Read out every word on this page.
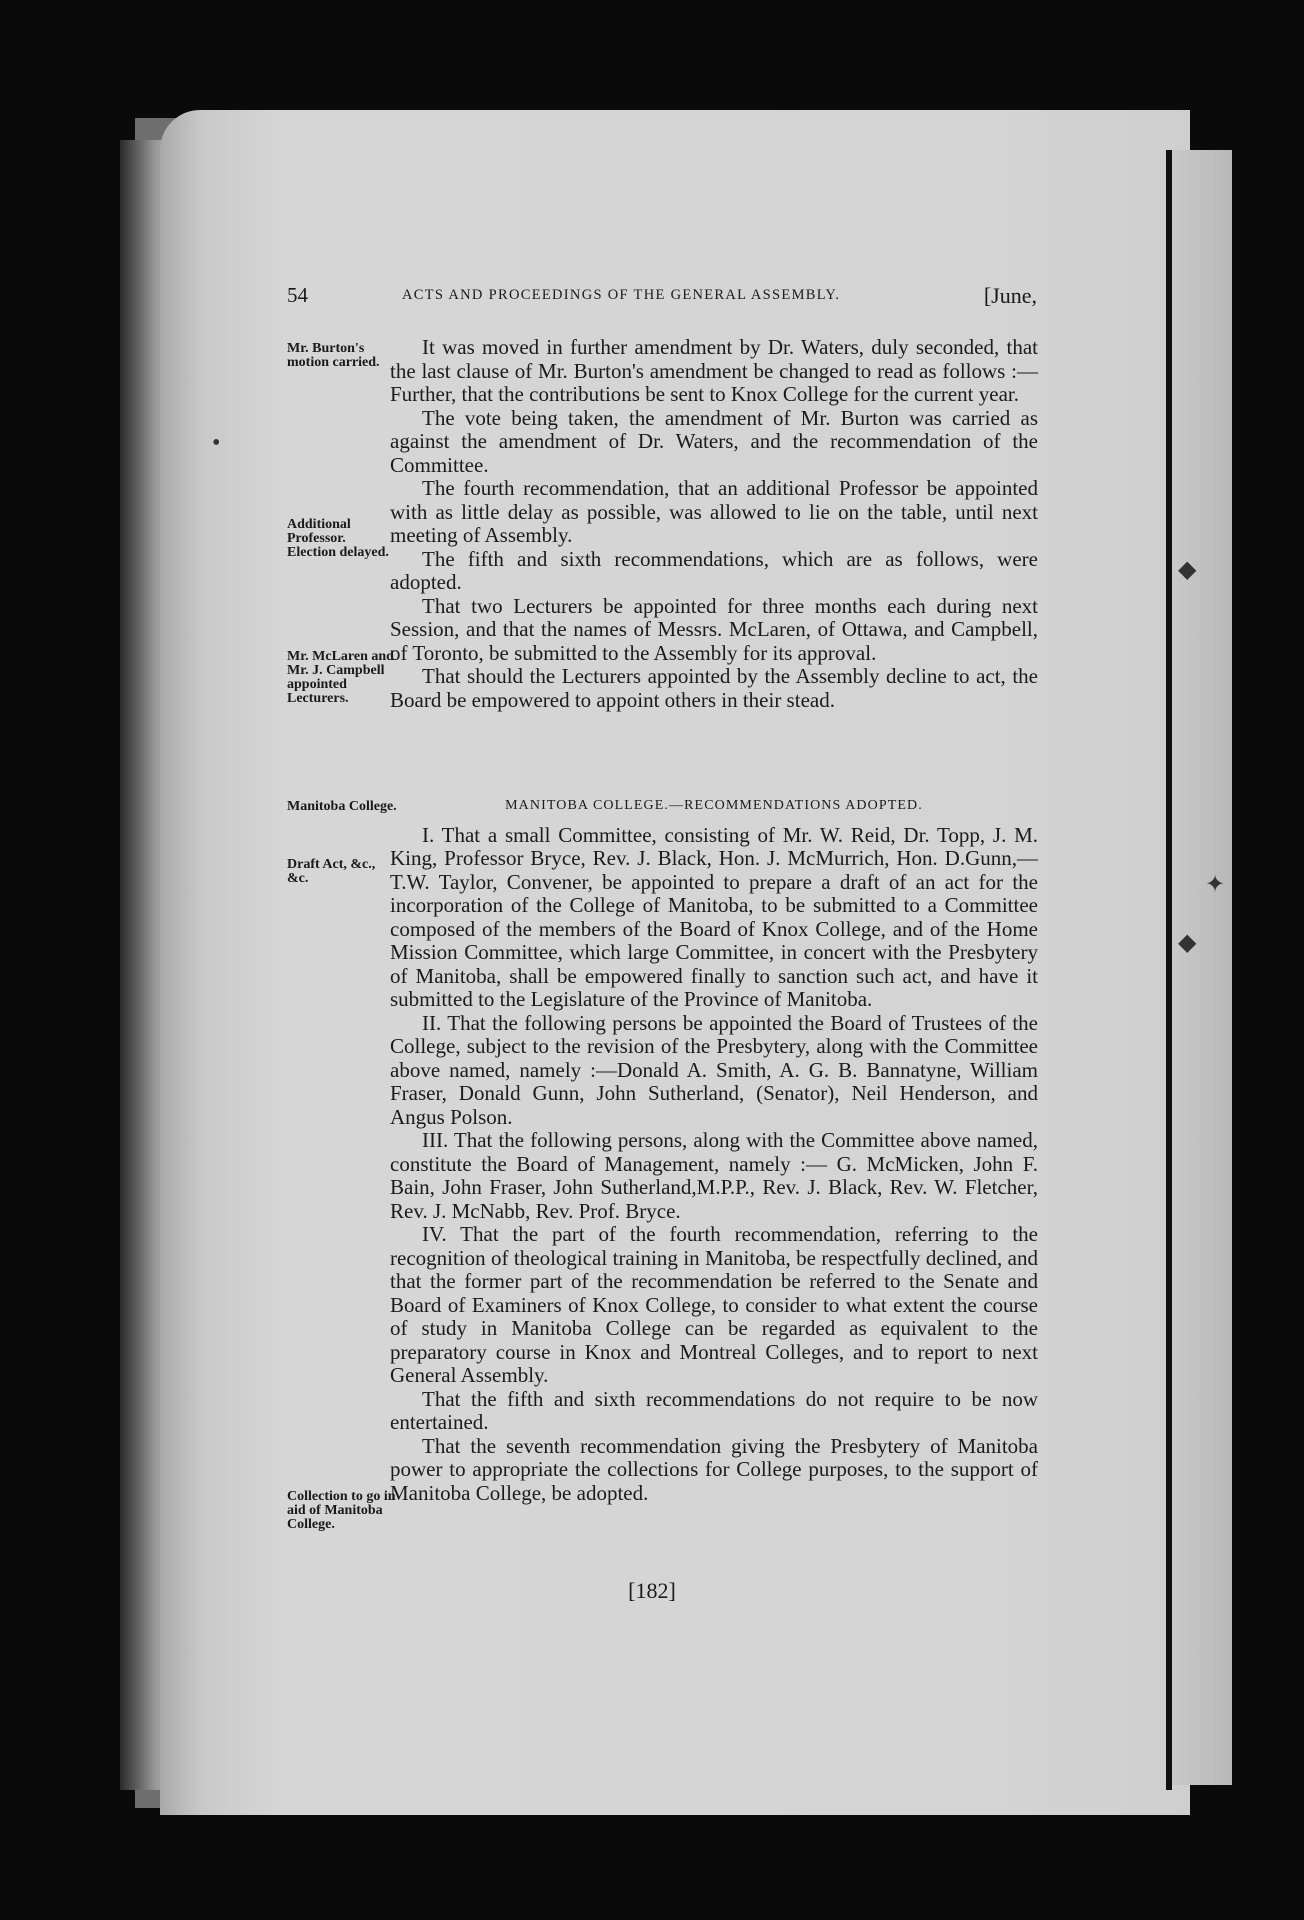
54	ACTS AND PROCEEDINGS OF THE GENERAL ASSEMBLY.	[June,
Mr. Burton's motion carried.
Additional Professor. Election delayed.
Mr. McLaren and Mr. J. Campbell appointed Lecturers.
Manitoba College.
Draft Act, &c., &c.
Collection to go in aid of Manitoba College.

It was moved in further amendment by Dr. Waters, duly seconded, that the last clause of Mr. Burton's amendment be changed to read as follows :—Further, that the contributions be sent to Knox College for the current year.

The vote being taken, the amendment of Mr. Burton was carried as against the amendment of Dr. Waters, and the recommendation of the Committee.

The fourth recommendation, that an additional Professor be appointed with as little delay as possible, was allowed to lie on the table, until next meeting of Assembly.

The fifth and sixth recommendations, which are as follows, were adopted.

That two Lecturers be appointed for three months each during next Session, and that the names of Messrs. McLaren, of Ottawa, and Campbell, of Toronto, be submitted to the Assembly for its approval.

That should the Lecturers appointed by the Assembly decline to act, the Board be empowered to appoint others in their stead.

MANITOBA COLLEGE.—RECOMMENDATIONS ADOPTED.

I. That a small Committee, consisting of Mr. W. Reid, Dr. Topp, J. M. King, Professor Bryce, Rev. J. Black, Hon. J. McMurrich, Hon. D.Gunn,—T.W. Taylor, Convener, be appointed to prepare a draft of an act for the incorporation of the College of Manitoba, to be submitted to a Committee composed of the members of the Board of Knox College, and of the Home Mission Committee, which large Committee, in concert with the Presbytery of Manitoba, shall be empowered finally to sanction such act, and have it submitted to the Legislature of the Province of Manitoba.

II. That the following persons be appointed the Board of Trustees of the College, subject to the revision of the Presbytery, along with the Committee above named, namely :—Donald A. Smith, A. G. B. Bannatyne, William Fraser, Donald Gunn, John Sutherland, (Senator), Neil Henderson, and Angus Polson.

III. That the following persons, along with the Committee above named, constitute the Board of Management, namely :— G. McMicken, John F. Bain, John Fraser, John Sutherland,M.P.P., Rev. J. Black, Rev. W. Fletcher, Rev. J. McNabb, Rev. Prof. Bryce.

IV. That the part of the fourth recommendation, referring to the recognition of theological training in Manitoba, be respectfully declined, and that the former part of the recommendation be referred to the Senate and Board of Examiners of Knox College, to consider to what extent the course of study in Manitoba College can be regarded as equivalent to the preparatory course in Knox and Montreal Colleges, and to report to next General Assembly.

That the fifth and sixth recommendations do not require to be now entertained.

That the seventh recommendation giving the Presbytery of Manitoba power to appropriate the collections for College purposes, to the support of Manitoba College, be adopted.

[182]
•
◆
◆
✦
